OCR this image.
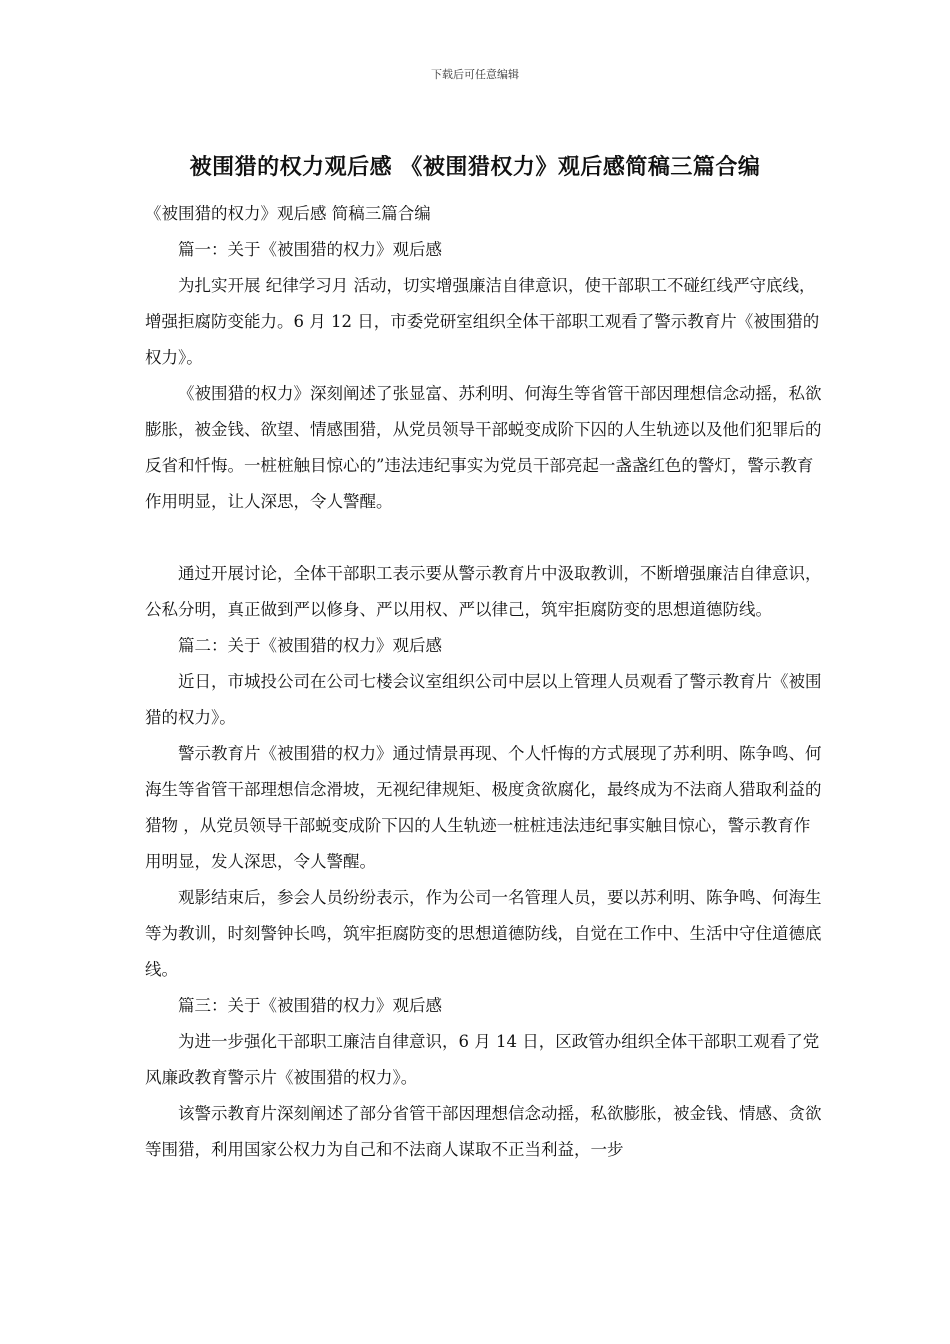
下载后可任意编辑
被围猎的权力观后感 《被围猎权力》观后感简稿三篇合编

《被围猎的权力》观后感 简稿三篇合编

篇一：关于《被围猎的权力》观后感

为扎实开展 纪律学习月 活动，切实增强廉洁自律意识，使干部职工不碰红线严守底线，增强拒腐防变能力。6 月 12 日，市委党研室组织全体干部职工观看了警示教育片《被围猎的权力》。

《被围猎的权力》深刻阐述了张显富、苏利明、何海生等省管干部因理想信念动摇，私欲膨胀，被金钱、欲望、情感围猎，从党员领导干部蜕变成阶下囚的人生轨迹以及他们犯罪后的反省和忏悔。一桩桩触目惊心的”违法违纪事实为党员干部亮起一盏盏红色的警灯，警示教育作用明显，让人深思，令人警醒。

通过开展讨论，全体干部职工表示要从警示教育片中汲取教训，不断增强廉洁自律意识，公私分明，真正做到严以修身、严以用权、严以律己，筑牢拒腐防变的思想道德防线。

篇二：关于《被围猎的权力》观后感

近日，市城投公司在公司七楼会议室组织公司中层以上管理人员观看了警示教育片《被围猎的权力》。

警示教育片《被围猎的权力》通过情景再现、个人忏悔的方式展现了苏利明、陈争鸣、何海生等省管干部理想信念滑坡，无视纪律规矩、极度贪欲腐化，最终成为不法商人猎取利益的 猎物 ，从党员领导干部蜕变成阶下囚的人生轨迹一桩桩违法违纪事实触目惊心，警示教育作用明显，发人深思，令人警醒。

观影结束后，参会人员纷纷表示，作为公司一名管理人员，要以苏利明、陈争鸣、何海生等为教训，时刻警钟长鸣，筑牢拒腐防变的思想道德防线，自觉在工作中、生活中守住道德底线。

篇三：关于《被围猎的权力》观后感

为进一步强化干部职工廉洁自律意识，6 月 14 日，区政管办组织全体干部职工观看了党风廉政教育警示片《被围猎的权力》。

该警示教育片深刻阐述了部分省管干部因理想信念动摇，私欲膨胀，被金钱、情感、贪欲等围猎，利用国家公权力为自己和不法商人谋取不正当利益，一步
